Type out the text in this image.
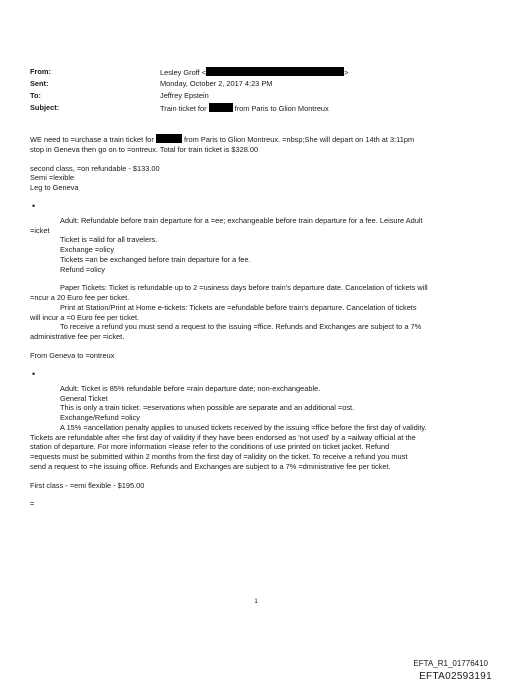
From:	Lesley Groff <	>
Sent:	Monday, October 2, 2017 4:23 PM
To:	Jeffrey Epstein
Subject:	Train ticket for	from Paris to Glion Montreux

WE need to =urchase a train ticket for	from Paris to Glion Montreux. =nbsp;She will depart on 14th at 3:11pm

stop in Geneva then go on to =ontreux. Total for train ticket is $328.00

second class, =on refundable - $133.00

Semi =lexible

Leg to Geneva

•

Adult: Refundable before train departure for a =ee; exchangeable before train departure for a fee. Leisure Adult

=icket

Ticket is =alid for all travelers.

Exchange =olicy

Tickets =an be exchanged before train departure for a fee.

Refund =olicy

Paper Tickets: Ticket is refundable up to 2 =usiness days before train's departure date. Cancelation of tickets will

=ncur a 20 Euro fee per ticket.

Print at Station/Print at Home e-tickets: Tickets are =efundable before train's departure. Cancelation of tickets

will incur a =0 Euro fee per ticket.

To receive a refund you must send a request to the issuing =ffice. Refunds and Exchanges are subject to a 7%

administrative fee per =icket.

From Geneva to =ontreux

•

Adult: Ticket is 85% refundable before =rain departure date; non-exchangeable.

General Ticket

This is only a train ticket. =eservations when possible are separate and an additional =ost.

Exchange/Refund =olicy

A 15% =ancellation penalty applies to unused tickets received by the issuing =ffice before the first day of validity.

Tickets are refundable after =he first day of validity if they have been endorsed as 'not used' by a =ailway official at the

station of departure. For more information =lease refer to the conditions of use printed on ticket jacket. Refund

=equests must be submitted within 2 months from the first day of =alidity on the ticket. To receive a refund you must

send a request to =he issuing office. Refunds and Exchanges are subject to a 7% =dministrative fee per ticket.

First class - =emi flexible - $195.00

=

1
EFTA_R1_01776410
EFTA02593191
